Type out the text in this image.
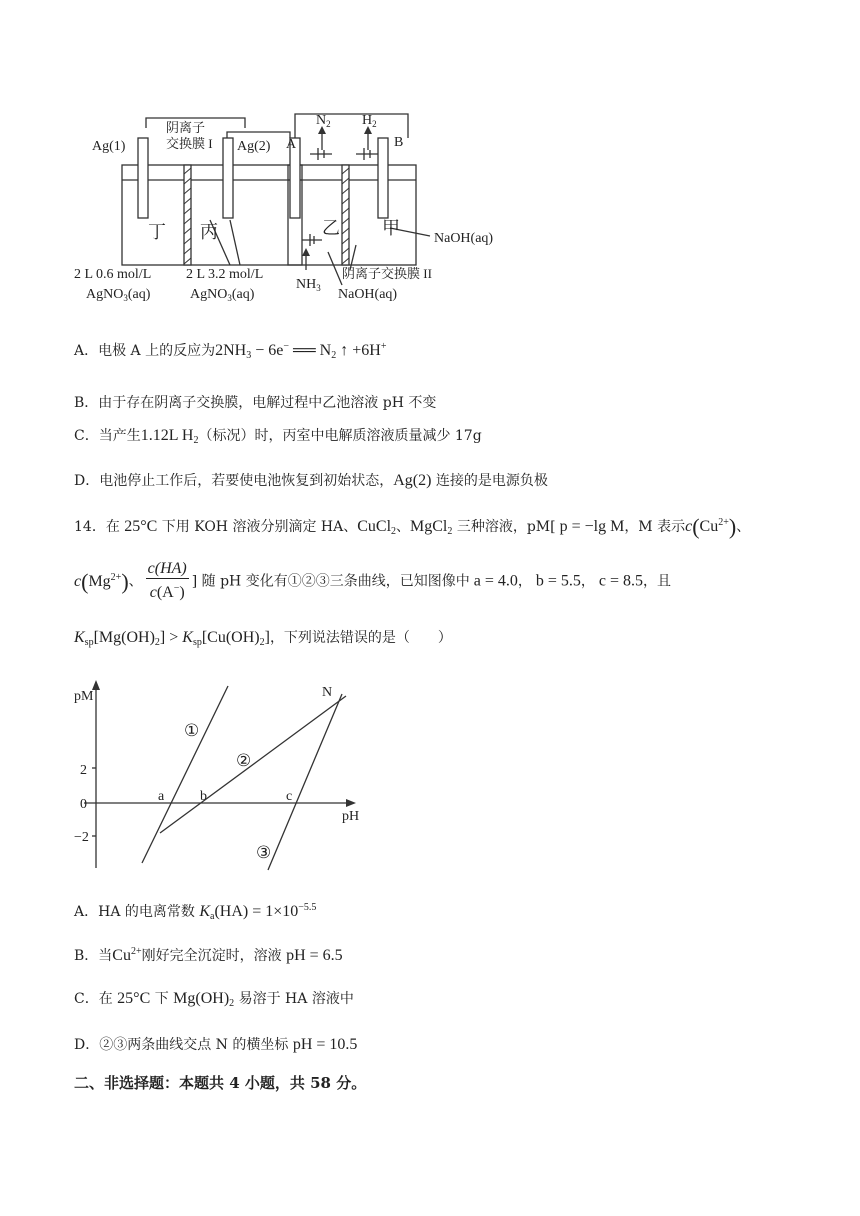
Ag(1)
阴离子
交换膜 I Ag(2) A
$N_2$ $H_2$
B
丁 丙	乙 甲
NaOH(aq)
2 L 0.6 mol/L
AgNO$_3$(aq)
2 L 3.2 mol/L
AgNO$_3$(aq)
$NH_3$
阴离子交换膜 II
NaOH(aq)
A．电极 A 上的反应为$2NH_3 - 6e^-$ ══ $N_2$ ↑ +6H+
B．由于存在阴离子交换膜，电解过程中乙池溶液 pH 不变
C．当产生1.12L $H_2$（标况）时，丙室中电解质溶液质量减少 17g
D．电池停止工作后，若要使电池恢复到初始状态，Ag(2) 连接的是电源负极
14．在 25°C 下用 KOH 溶液分别滴定 HA、CuCl$_2$、MgCl$_2$ 三种溶液，pM[ p = −lg M，M 表示$c(Cu^{2+})$、
$c(Mg^{2+})$、 $\frac{c(HA)}{c(A^-)}$ ] 随 pH 变化有①②③三条曲线，已知图像中 a = 4.0， b = 5.5， c = 8.5，且
$K_{sp}[Mg(OH)_2] > K_{sp}[Cu(OH)_2]$，下列说法错误的是（　　）
pM
pH
2
0
−2
a	b	c
N
①
②
③
A．HA 的电离常数 $K_a(HA) = 1\times 10^{-5.5}$
B．当$Cu^{2+}$刚好完全沉淀时，溶液 pH = 6.5
C．在 25°C 下 $Mg(OH)_2$ 易溶于 HA 溶液中
D．②③两条曲线交点 N 的横坐标 pH = 10.5
二、非选择题：本题共 4 小题，共 58 分。
